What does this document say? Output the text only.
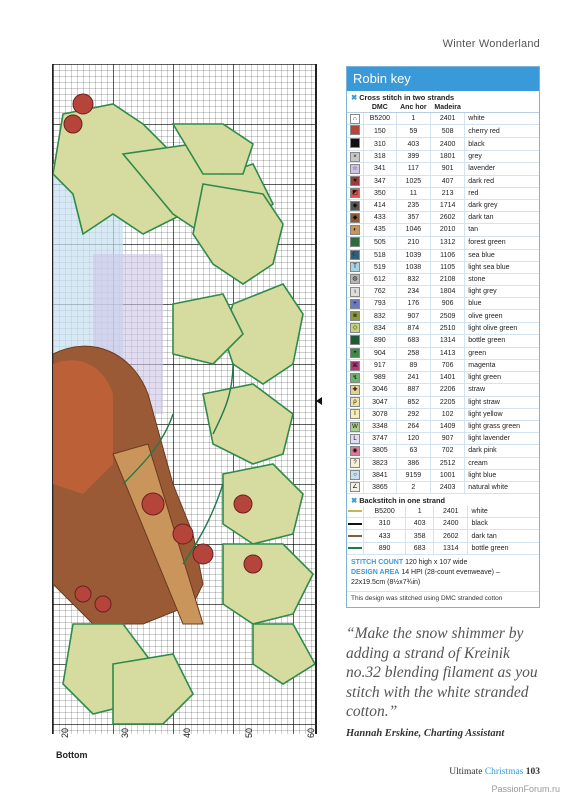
Winter Wonderland
20	30	40	50	60
Bottom
Robin key
✖ Cross stitch in two strands
	DMC	Anc hor	Madeira	
∩	B5200	1	2401	white
	150	59	508	cherry red
	310	403	2400	black
×	318	399	1801	grey
☆	341	117	901	lavender
♥	347	1025	407	dark red
◩	350	11	213	red
◆	414	235	1714	dark grey
◆	433	357	2602	dark tan
◐	435	1046	2010	tan
	505	210	1312	forest green
☾	518	1039	1106	sea blue
T	519	1038	1105	light sea blue
◍	612	832	2108	stone
ι	762	234	1804	light grey
+	793	176	906	blue
※	832	907	2509	olive green
◇	834	874	2510	light olive green
	890	683	1314	bottle green
◓	904	258	1413	green
⌘	917	89	706	magenta
↯	989	241	1401	light green
✚	3046	887	2206	straw
ρ	3047	852	2205	light straw
I	3078	292	102	light yellow
W	3348	264	1409	light grass green
L	3747	120	907	light lavender
◉	3805	63	702	dark pink
?	3823	386	2512	cream
○	3841	9159	1001	light blue
∠	3865	2	2403	natural white
✖ Backstitch in one strand
	B5200	1	2401	white
	310	403	2400	black
	433	358	2602	dark tan
	890	683	1314	bottle green
STITCH COUNT 120 high x 107 wide
DESIGN AREA 14 HPI (28-count evenweave) – 22x19.5cm (8½x7¾in)
This design was stitched using DMC stranded cotton
“Make the snow shimmer by adding a strand of Kreinik no.32 blending filament as you stitch with the white stranded cotton.”
Hannah Erskine, Charting Assistant
Ultimate Christmas 103
PassionForum.ru
